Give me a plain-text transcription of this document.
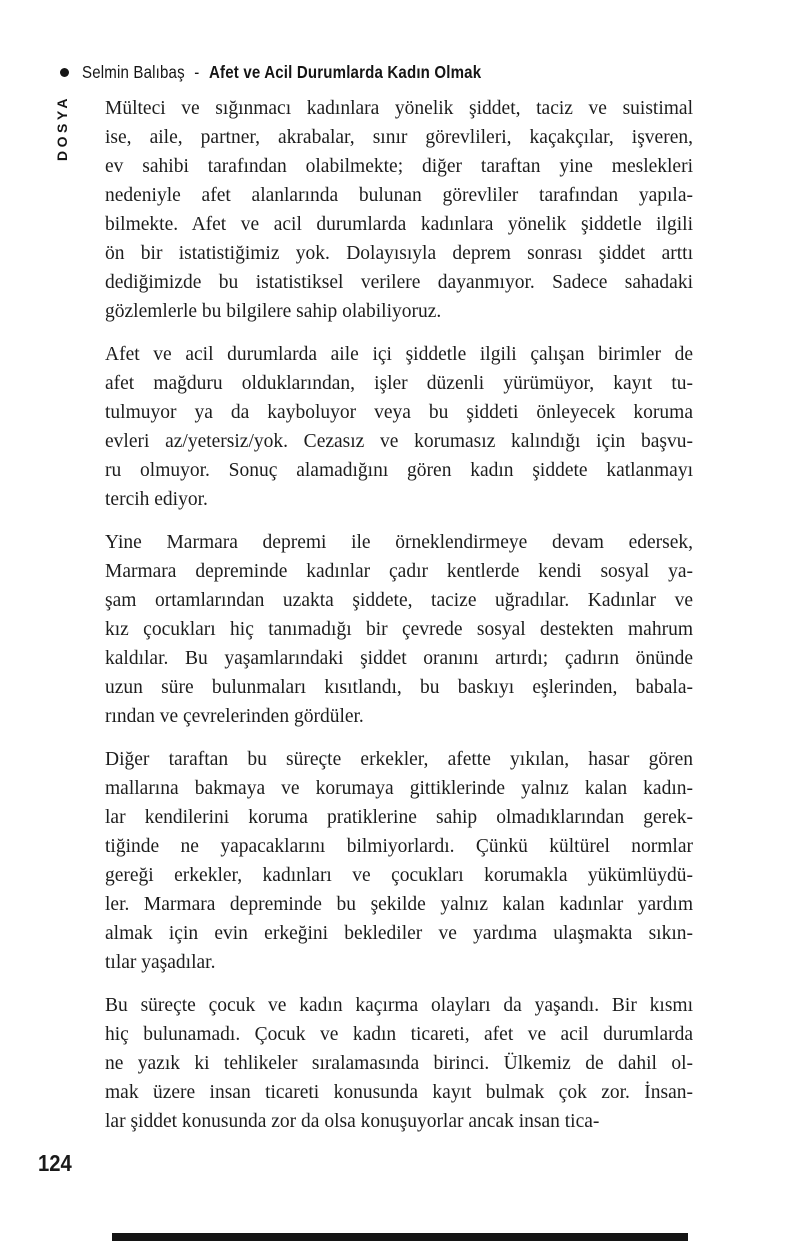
Selmin Balıbaş - Afet ve Acil Durumlarda Kadın Olmak
DOSYA Mülteci ve sığınmacı kadınlara yönelik şiddet, taciz ve suistimal
ise, aile, partner, akrabalar, sınır görevlileri, kaçakçılar, işveren,
ev sahibi tarafından olabilmekte; diğer taraftan yine meslekleri
nedeniyle afet alanlarında bulunan görevliler tarafından yapıla-
bilmekte. Afet ve acil durumlarda kadınlara yönelik şiddetle ilgili
ön bir istatistiğimiz yok. Dolayısıyla deprem sonrası şiddet arttı
dediğimizde bu istatistiksel verilere dayanmıyor. Sadece sahadaki
gözlemlerle bu bilgilere sahip olabiliyoruz.
Afet ve acil durumlarda aile içi şiddetle ilgili çalışan birimler de
afet mağduru olduklarından, işler düzenli yürümüyor, kayıt tu-
tulmuyor ya da kayboluyor veya bu şiddeti önleyecek koruma
evleri az/yetersiz/yok. Cezasız ve korumasız kalındığı için başvu-
ru olmuyor. Sonuç alamadığını gören kadın şiddete katlanmayı
tercih ediyor.
Yine Marmara depremi ile örneklendirmeye devam edersek,
Marmara depreminde kadınlar çadır kentlerde kendi sosyal ya-
şam ortamlarından uzakta şiddete, tacize uğradılar. Kadınlar ve
kız çocukları hiç tanımadığı bir çevrede sosyal destekten mahrum
kaldılar. Bu yaşamlarındaki şiddet oranını artırdı; çadırın önünde
uzun süre bulunmaları kısıtlandı, bu baskıyı eşlerinden, babala-
rından ve çevrelerinden gördüler.
Diğer taraftan bu süreçte erkekler, afette yıkılan, hasar gören
mallarına bakmaya ve korumaya gittiklerinde yalnız kalan kadın-
lar kendilerini koruma pratiklerine sahip olmadıklarından gerek-
tiğinde ne yapacaklarını bilmiyorlardı. Çünkü kültürel normlar
gereği erkekler, kadınları ve çocukları korumakla yükümlüydü-
ler. Marmara depreminde bu şekilde yalnız kalan kadınlar yardım
almak için evin erkeğini beklediler ve yardıma ulaşmakta sıkın-
tılar yaşadılar.
Bu süreçte çocuk ve kadın kaçırma olayları da yaşandı. Bir kısmı
hiç bulunamadı. Çocuk ve kadın ticareti, afet ve acil durumlarda
ne yazık ki tehlikeler sıralamasında birinci. Ülkemiz de dahil ol-
mak üzere insan ticareti konusunda kayıt bulmak çok zor. İnsan-
lar şiddet konusunda zor da olsa konuşuyorlar ancak insan tica-
124
